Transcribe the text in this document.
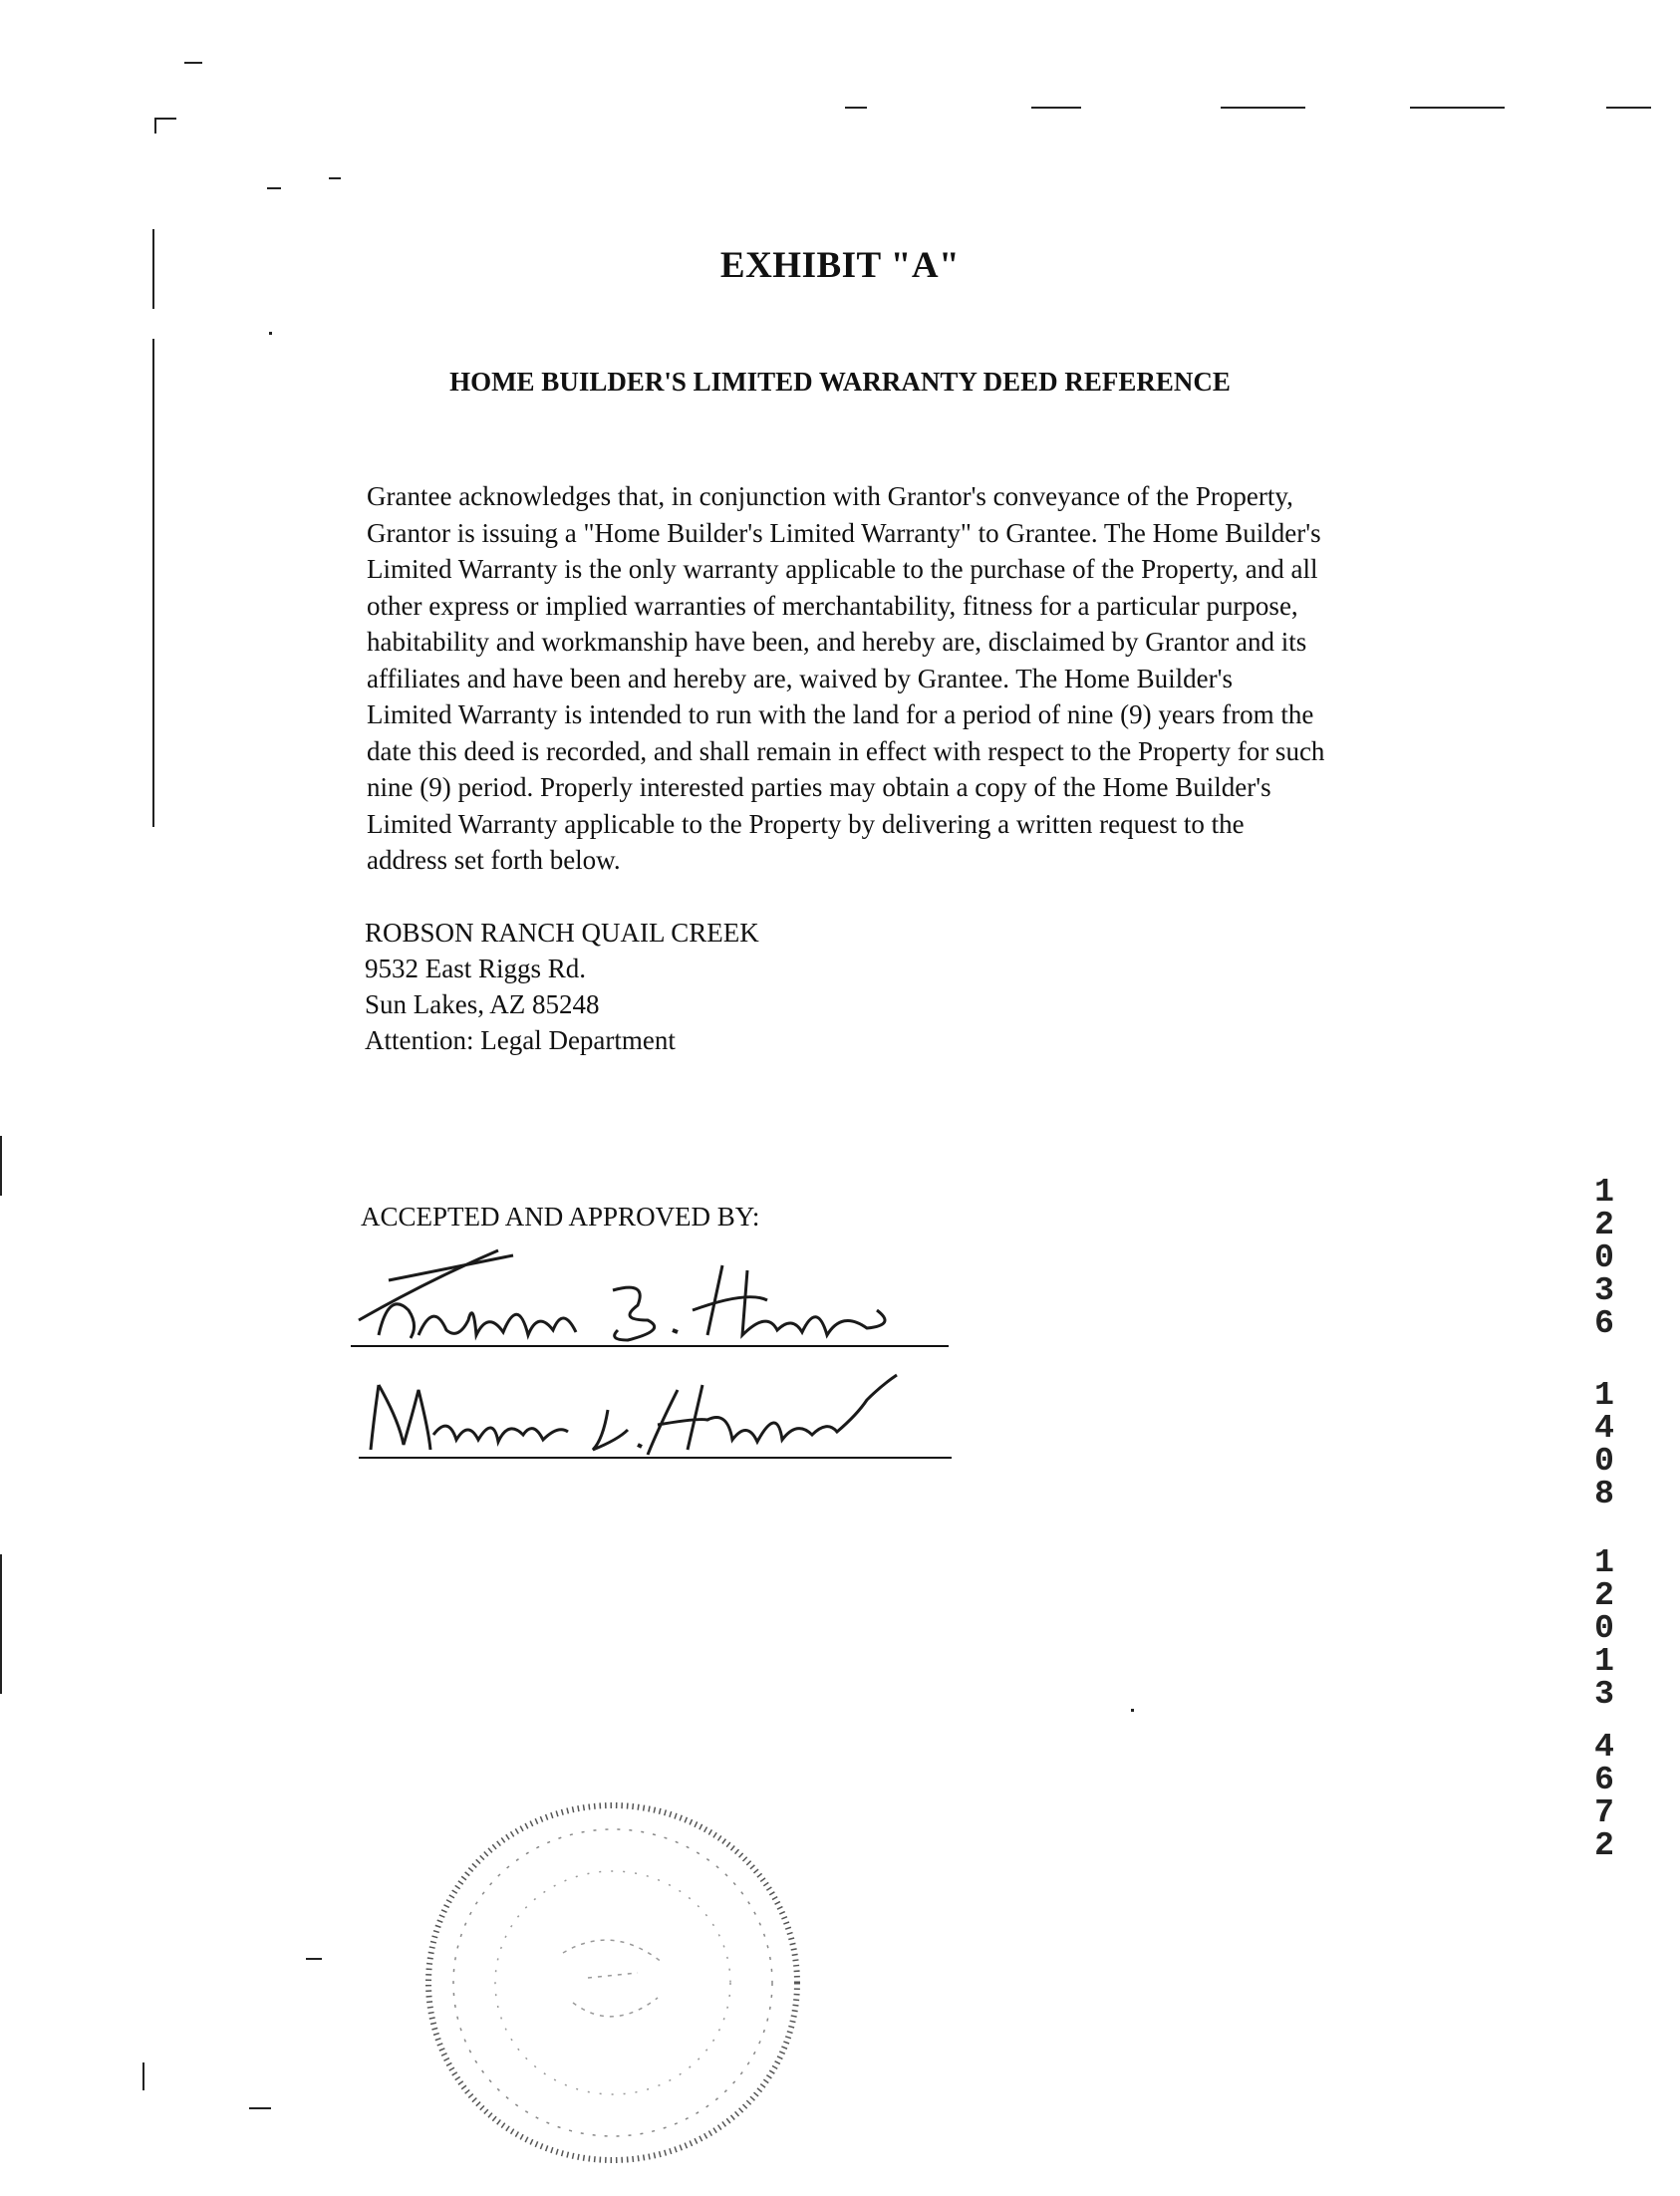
EXHIBIT "A"
HOME BUILDER'S LIMITED WARRANTY DEED REFERENCE
Grantee acknowledges that, in conjunction with Grantor's conveyance of the Property,
Grantor is issuing a "Home Builder's Limited Warranty" to Grantee. The Home Builder's
Limited Warranty is the only warranty applicable to the purchase of the Property, and all
other express or implied warranties of merchantability, fitness for a particular purpose,
habitability and workmanship have been, and hereby are, disclaimed by Grantor and its
affiliates and have been and hereby are, waived by Grantee. The Home Builder's
Limited Warranty is intended to run with the land for a period of nine (9) years from the
date this deed is recorded, and shall remain in effect with respect to the Property for such
nine (9) period. Properly interested parties may obtain a copy of the Home Builder's
Limited Warranty applicable to the Property by delivering a written request to the
address set forth below.
ROBSON RANCH QUAIL CREEK
9532 East Riggs Rd.
Sun Lakes, AZ 85248
Attention: Legal Department
ACCEPTED AND APPROVED BY:
1
2
0
3
6
1
4
0
8
1
2
0
1
3
4
6
7
2
